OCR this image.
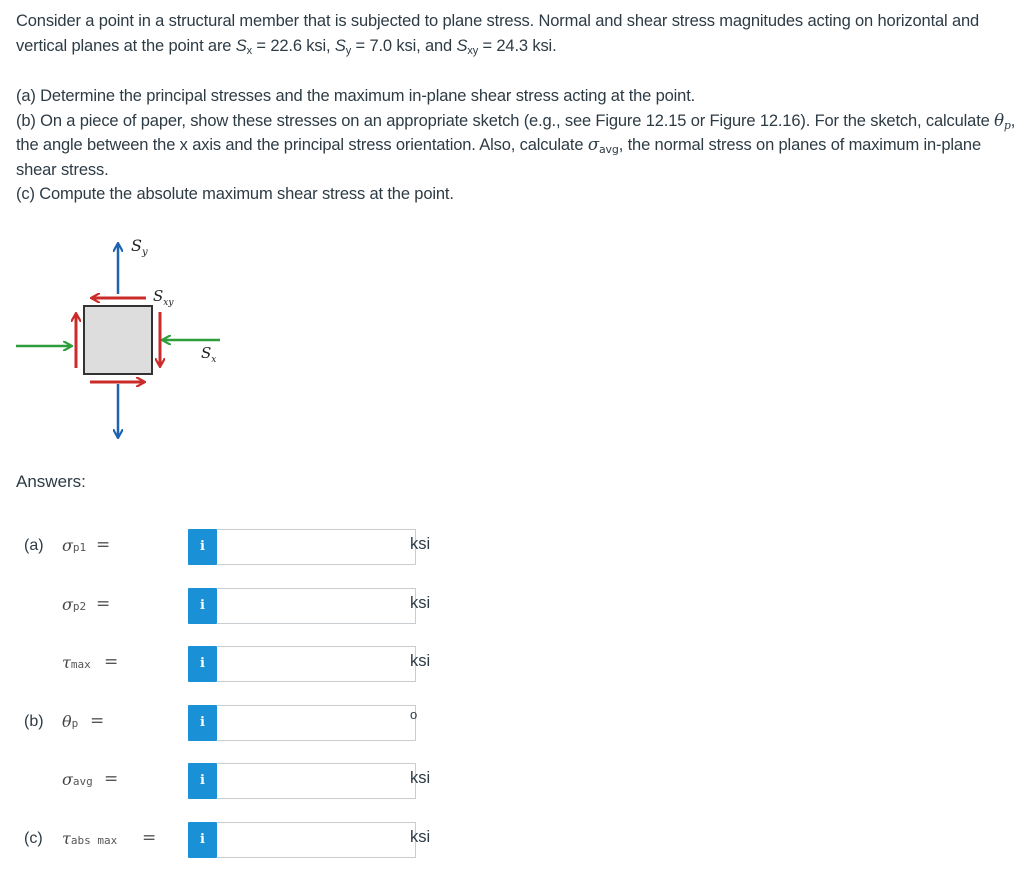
Consider a point in a structural member that is subjected to plane stress. Normal and shear stress magnitudes acting on horizontal and vertical planes at the point are $S_x = 22.6$ ksi, $S_y = 7.0$ ksi, and $S_{xy} = 24.3$ ksi.

(a) Determine the principal stresses and the maximum in-plane shear stress acting at the point.

(b) On a piece of paper, show these stresses on an appropriate sketch (e.g., see Figure 12.15 or Figure 12.16). For the sketch, calculate $\theta_p$, the angle between the x axis and the principal stress orientation. Also, calculate $\sigma_{avg}$, the normal stress on planes of maximum in-plane shear stress.

(c) Compute the absolute maximum shear stress at the point.

$S_y$
$S_{xy}$
$S_x$
Answers:
(a) σp1 =	i	ksi
σp2 =	i	ksi
τmax =	i	ksi
(b) θp =	i
o
σavg =	i	ksi
(c) τabs max =	i	ksi
